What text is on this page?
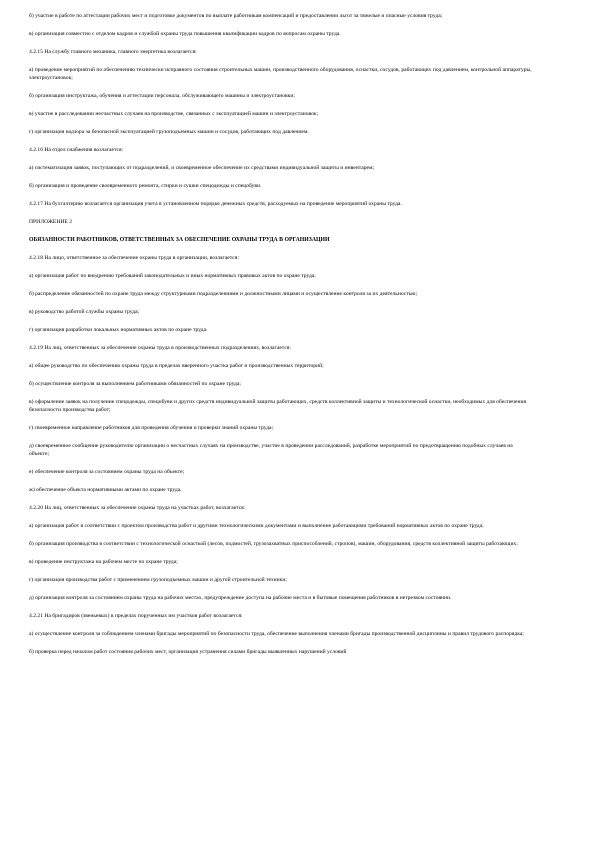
б) участие в работе по аттестации рабочих мест и подготовке документов по выплате работникам компенсаций и предоставлении льгот за тяжелые и опасные условия труда;

в) организация совместно с отделом кадров и службой охраны труда повышения квалификации кадров по вопросам охраны труда.

4.2.15 На службу главного механика, главного энергетика возлагается:

а) проведение мероприятий по обеспечению технически исправного состояния строительных машин, производственного оборудования, оснастки, сосудов, работающих под давлением, контрольной аппаратуры, электроустановок;

б) организация инструктажа, обучения и аттестации персонала, обслуживающего машины и электроустановки;

в) участие в расследовании несчастных случаев на производстве, связанных с эксплуатацией машин и электроустановок;

г) организация надзора за безопасной эксплуатацией грузоподъемных машин и сосудов, работающих под давлением.

4.2.16 На отдел снабжения возлагается:

а) систематизация заявок, поступающих от подразделений, и своевременное обеспечение их средствами индивидуальной защиты и инвентарем;

б) организация и проведение своевременного ремонта, стирки и сушки спецодежды и спецобуви.

4.2.17 На бухгалтерию возлагается организация учета в установленном порядке денежных средств, расходуемых на проведение мероприятий охраны труда.

ПРИЛОЖЕНИЕ 2

ОБЯЗАННОСТИ РАБОТНИКОВ, ОТВЕТСТВЕННЫХ ЗА ОБЕСПЕЧЕНИЕ ОХРАНЫ ТРУДА В ОРГАНИЗАЦИИ

4.2.18 На лицо, ответственное за обеспечение охраны труда в организации, возлагается:

а) организация работ по внедрению требований законодательных и иных нормативных правовых актов по охране труда;

б) распределение обязанностей по охране труда между структурными подразделениями и должностными лицами и осуществление контроля за их деятельностью;

в) руководство работой службы охраны труда;

г) организация разработки локальных нормативных актов по охране труда.

4.2.19 На лиц, ответственных за обеспечение охраны труда в производственных подразделениях, возлагается:

а) общее руководство по обеспечению охраны труда в пределах вверенного участка работ и производственных территорий;

б) осуществление контроля за выполнением работниками обязанностей по охране труда;

в) оформление заявок на получение спецодежды, спецобуви и других средств индивидуальной защиты работающих, средств коллективной защиты и технологической оснастки, необходимых для обеспечения безопасности производства работ;

г) своевременное направление работников для проведения обучения и проверки знаний охраны труда;

д) своевременное сообщение руководителю организации о несчастных случаях на производстве, участие в проведении расследований, разработке мероприятий по предотвращению подобных случаев на объекте;

е) обеспечение контроля за состоянием охраны труда на объекте;

ж) обеспечение объекта нормативными актами по охране труда.

4.2.20 На лиц, ответственных за обеспечение охраны труда на участках работ, возлагается:

а) организация работ в соответствии с проектом производства работ и другими технологическими документами и выполнение работающими требований нормативных актов по охране труда;

б) организация производства в соответствии с технологической оснасткой (лесов, подмостей, грузозахватных приспособлений, стропов), машин, оборудования, средств коллективной защиты работающих;

в) проведение инструктажа на рабочем месте по охране труда;

г) организация производства работ с применением грузоподъемных машин и другой строительной техники;

д) организация контроля за состоянием охраны труда на рабочих местах, предупреждение доступа на рабочие места и в бытовые помещения работников в нетрезвом состоянии.

4.2.21 На бригадиров (звеньевых) в пределах порученных им участков работ возлагается:

а) осуществление контроля за соблюдением членами бригады мероприятий по безопасности труда, обеспечение выполнения членами бригады производственной дисциплины и правил трудового распорядка;

б) проверка перед началом работ состояния рабочих мест, организация устранения силами бригады выявленных нарушений условий
